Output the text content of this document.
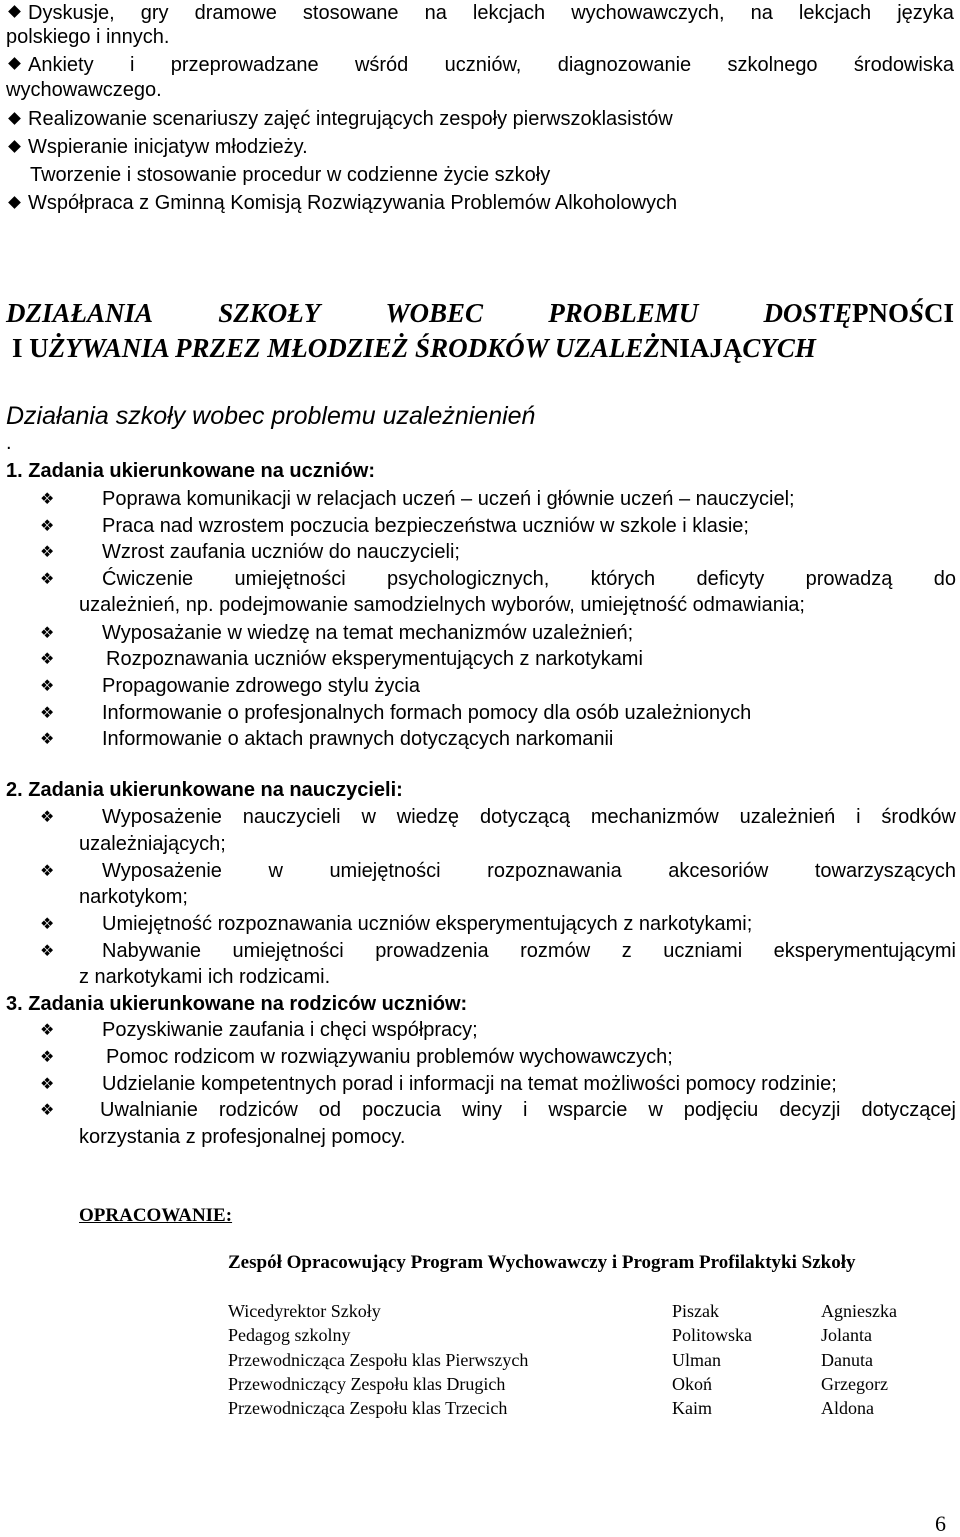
Dyskusje, gry dramowe stosowane na lekcjach wychowawczych, na lekcjach języka
polskiego i innych.
Ankiety i przeprowadzane wśród uczniów, diagnozowanie szkolnego środowiska
wychowawczego.
Realizowanie scenariuszy zajęć integrujących zespoły pierwszoklasistów
Wspieranie inicjatyw młodzieży.
Tworzenie i stosowanie procedur w codzienne życie szkoły
Współpraca z Gminną Komisją Rozwiązywania Problemów Alkoholowych
DZIAŁANIA SZKOŁY WOBEC PROBLEMU DOSTĘPNOŚCI
I UŻYWANIA PRZEZ MŁODZIEŻ ŚRODKÓW UZALEŻNIAJĄCYCH
Działania szkoły wobec problemu uzależnienień
.
1. Zadania ukierunkowane na uczniów:
❖ Poprawa komunikacji w relacjach uczeń – uczeń i głównie uczeń – nauczyciel;
❖ Praca nad wzrostem poczucia bezpieczeństwa uczniów w szkole i klasie;
❖ Wzrost zaufania uczniów do nauczycieli;
❖ Ćwiczenie umiejętności psychologicznych, których deficyty prowadzą do
uzależnień, np. podejmowanie samodzielnych wyborów, umiejętność odmawiania;
❖ Wyposażanie w wiedzę na temat mechanizmów uzależnień;
❖	Rozpoznawania uczniów eksperymentujących z narkotykami
❖ Propagowanie zdrowego stylu życia
❖ Informowanie o profesjonalnych formach pomocy dla osób uzależnionych
❖ Informowanie o aktach prawnych dotyczących narkomanii
2. Zadania ukierunkowane na nauczycieli:
❖ Wyposażenie nauczycieli w wiedzę dotyczącą mechanizmów uzależnień i środków
uzależniających;
❖ Wyposażenie w umiejętności rozpoznawania akcesoriów towarzyszących
narkotykom;
❖ Umiejętność rozpoznawania uczniów eksperymentujących z narkotykami;
❖ Nabywanie umiejętności prowadzenia rozmów z uczniami eksperymentującymi
z narkotykami ich rodzicami.
3. Zadania ukierunkowane na rodziców uczniów:
❖ Pozyskiwanie zaufania i chęci współpracy;
❖	Pomoc rodzicom w rozwiązywaniu problemów wychowawczych;
❖ Udzielanie kompetentnych porad i informacji na temat możliwości pomocy rodzinie;
❖ Uwalnianie rodziców od poczucia winy i wsparcie w podjęciu decyzji dotyczącej
korzystania z profesjonalnej pomocy.
OPRACOWANIE:
Zespół Opracowujący Program Wychowawczy i Program Profilaktyki Szkoły
Wicedyrektor Szkoły	Piszak	Agnieszka
Pedagog szkolny	Politowska	Jolanta
Przewodnicząca Zespołu klas Pierwszych	Ulman	Danuta
Przewodniczący Zespołu klas Drugich	Okoń	Grzegorz
Przewodnicząca Zespołu klas Trzecich	Kaim	Aldona
6
